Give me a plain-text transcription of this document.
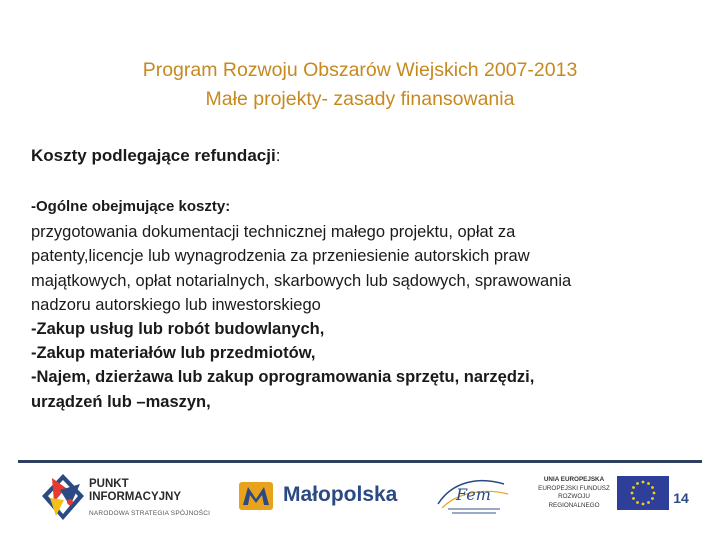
Program Rozwoju Obszarów Wiejskich 2007-2013
Małe projekty- zasady finansowania
Koszty podlegające refundacji:
-Ogólne obejmujące koszty:
przygotowania dokumentacji technicznej małego projektu, opłat za
patenty,licencje lub wynagrodzenia za przeniesienie autorskich praw
majątkowych, opłat notarialnych, skarbowych lub sądowych, sprawowania
nadzoru autorskiego lub inwestorskiego
-Zakup usług lub robót budowlanych,
-Zakup materiałów lub przedmiotów,
-Najem, dzierżawa lub zakup oprogramowania sprzętu, narzędzi,
urządzeń lub –maszyn,
PUNKT
INFORMACYJNY
NARODOWA STRATEGIA SPÓJNOŚCI
Małopolska	Fem
UNIA EUROPEJSKA
EUROPEJSKI FUNDUSZ
ROZWOJU REGIONALNEGO	14
